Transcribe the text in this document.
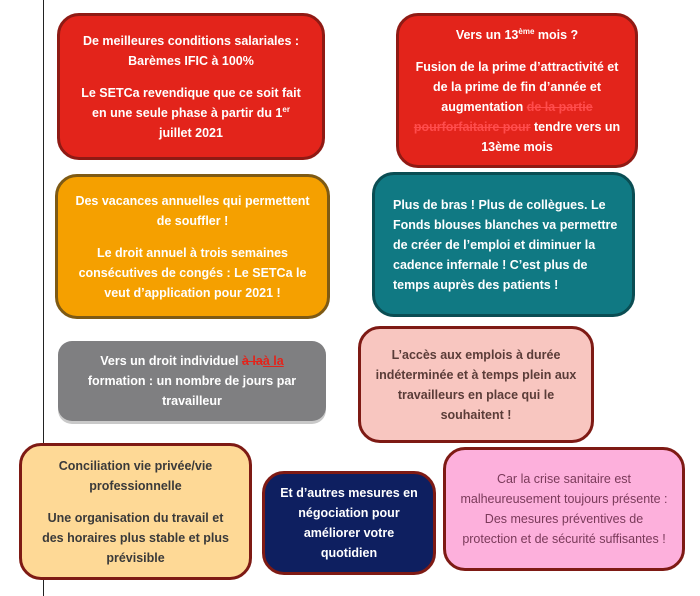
De meilleures conditions salariales : Barèmes IFIC à 100%

Le SETCa revendique que ce soit fait en une seule phase à partir du 1er juillet 2021

Vers un 13ème mois ?

Fusion de la prime d’attractivité et de la prime de fin d’année et augmentation de la partie pourforfaitaire pour tendre vers un 13ème mois

Des vacances annuelles qui permettent de souffler !

Le droit annuel à trois semaines consécutives de congés : Le SETCa le veut d’application pour 2021 !

Plus de bras ! Plus de collègues. Le Fonds blouses blanches va permettre de créer de l’emploi et diminuer la cadence infernale ! C’est plus de temps auprès des patients !

Vers un droit individuel à laà la formation : un nombre de jours par travailleur

L’accès aux emplois à durée indéterminée et à temps plein aux travailleurs en place qui le souhaitent !

Conciliation vie privée/vie professionnelle

Une organisation du travail et des horaires plus stable et plus prévisible

Et d’autres mesures en négociation pour améliorer votre quotidien

Car la crise sanitaire est malheureusement toujours présente : Des mesures préventives de protection et de sécurité suffisantes !
